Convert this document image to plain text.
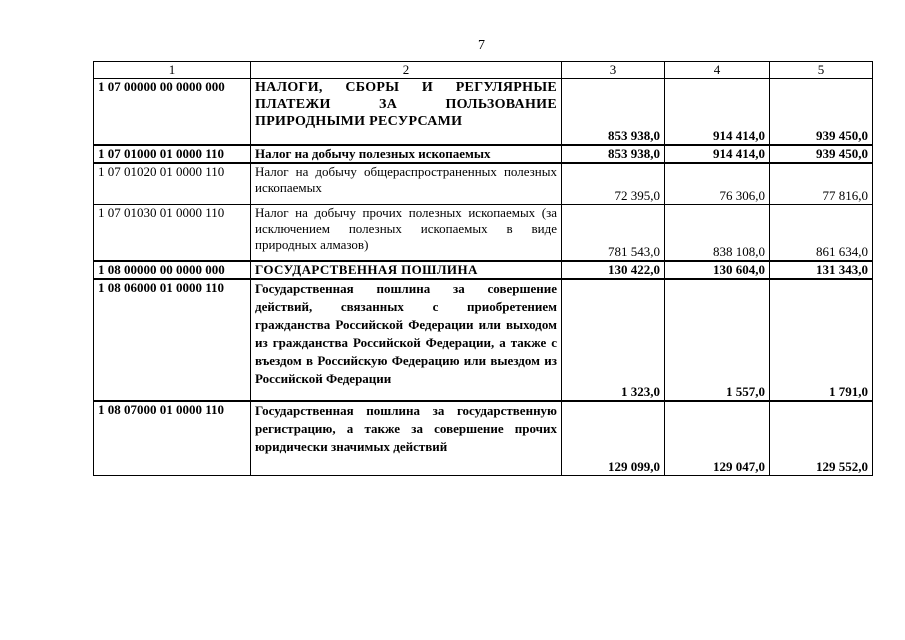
7
1	2	3	4	5
1 07 00000 00 0000 000	НАЛОГИ, СБОРЫ И РЕГУЛЯРНЫЕ ПЛАТЕЖИ ЗА ПОЛЬЗОВАНИЕ ПРИРОДНЫМИ РЕСУРСАМИ	853 938,0	914 414,0	939 450,0
1 07 01000 01 0000 110	Налог на добычу полезных ископаемых	853 938,0	914 414,0	939 450,0
1 07 01020 01 0000 110	Налог на добычу общераспространенных полезных ископаемых	72 395,0	76 306,0	77 816,0
1 07 01030 01 0000 110	Налог на добычу прочих полезных ископаемых (за исключением полезных ископаемых в виде природных алмазов)	781 543,0	838 108,0	861 634,0
1 08 00000 00 0000 000	ГОСУДАРСТВЕННАЯ ПОШЛИНА	130 422,0	130 604,0	131 343,0
1 08 06000 01 0000 110	Государственная пошлина за совершение действий, связанных с приобретением гражданства Российской Федерации или выходом из гражданства Российской Федерации, а также с въездом в Российскую Федерацию или выездом из Российской Федерации	1 323,0	1 557,0	1 791,0
1 08 07000 01 0000 110	Государственная пошлина за государственную регистрацию, а также за совершение прочих юридически значимых действий	129 099,0	129 047,0	129 552,0
